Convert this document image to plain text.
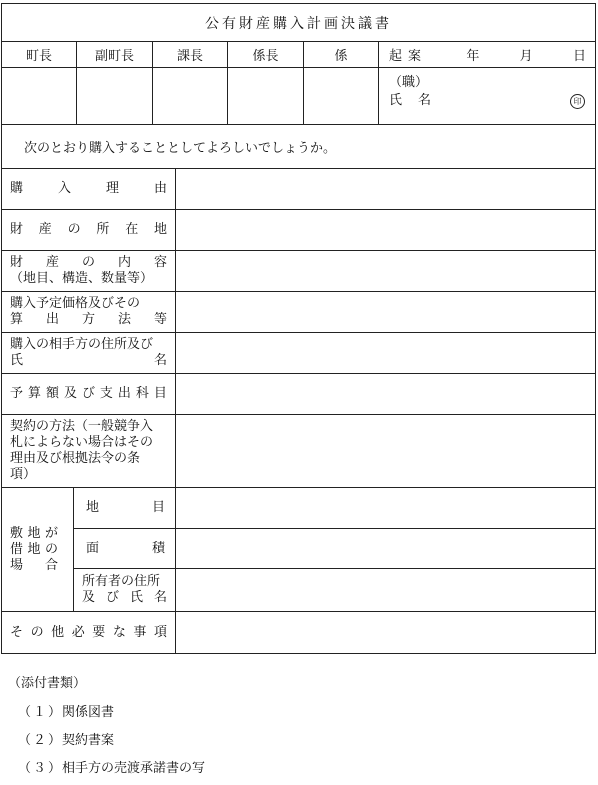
公有財産購入計画決議書
町長	副町長	課長	係長	係	起案	年	月	日
（職）
氏名	印
次のとおり購入することとしてよろしいでしょうか。
購	入	理	由
財 産 の 所 在 地
財 産 の 内 容
（地目、構造、数量等）
購入予定価格及びその
算 出 方 法 等
購入の相手方の住所及び
氏	名
予 算 額 及 び 支 出 科 目
契約の方法（一般競争入
札によらない場合はその
理由及び根拠法令の条
項）
敷 地 が
借 地 の
場 合
地	目
面	積
所有者の住所
及 び 氏 名
そ の 他 必 要 な 事 項

（添付書類）

（１）
関係図書
（２）
契約書案
（３）
相手方の売渡承諾書の写
